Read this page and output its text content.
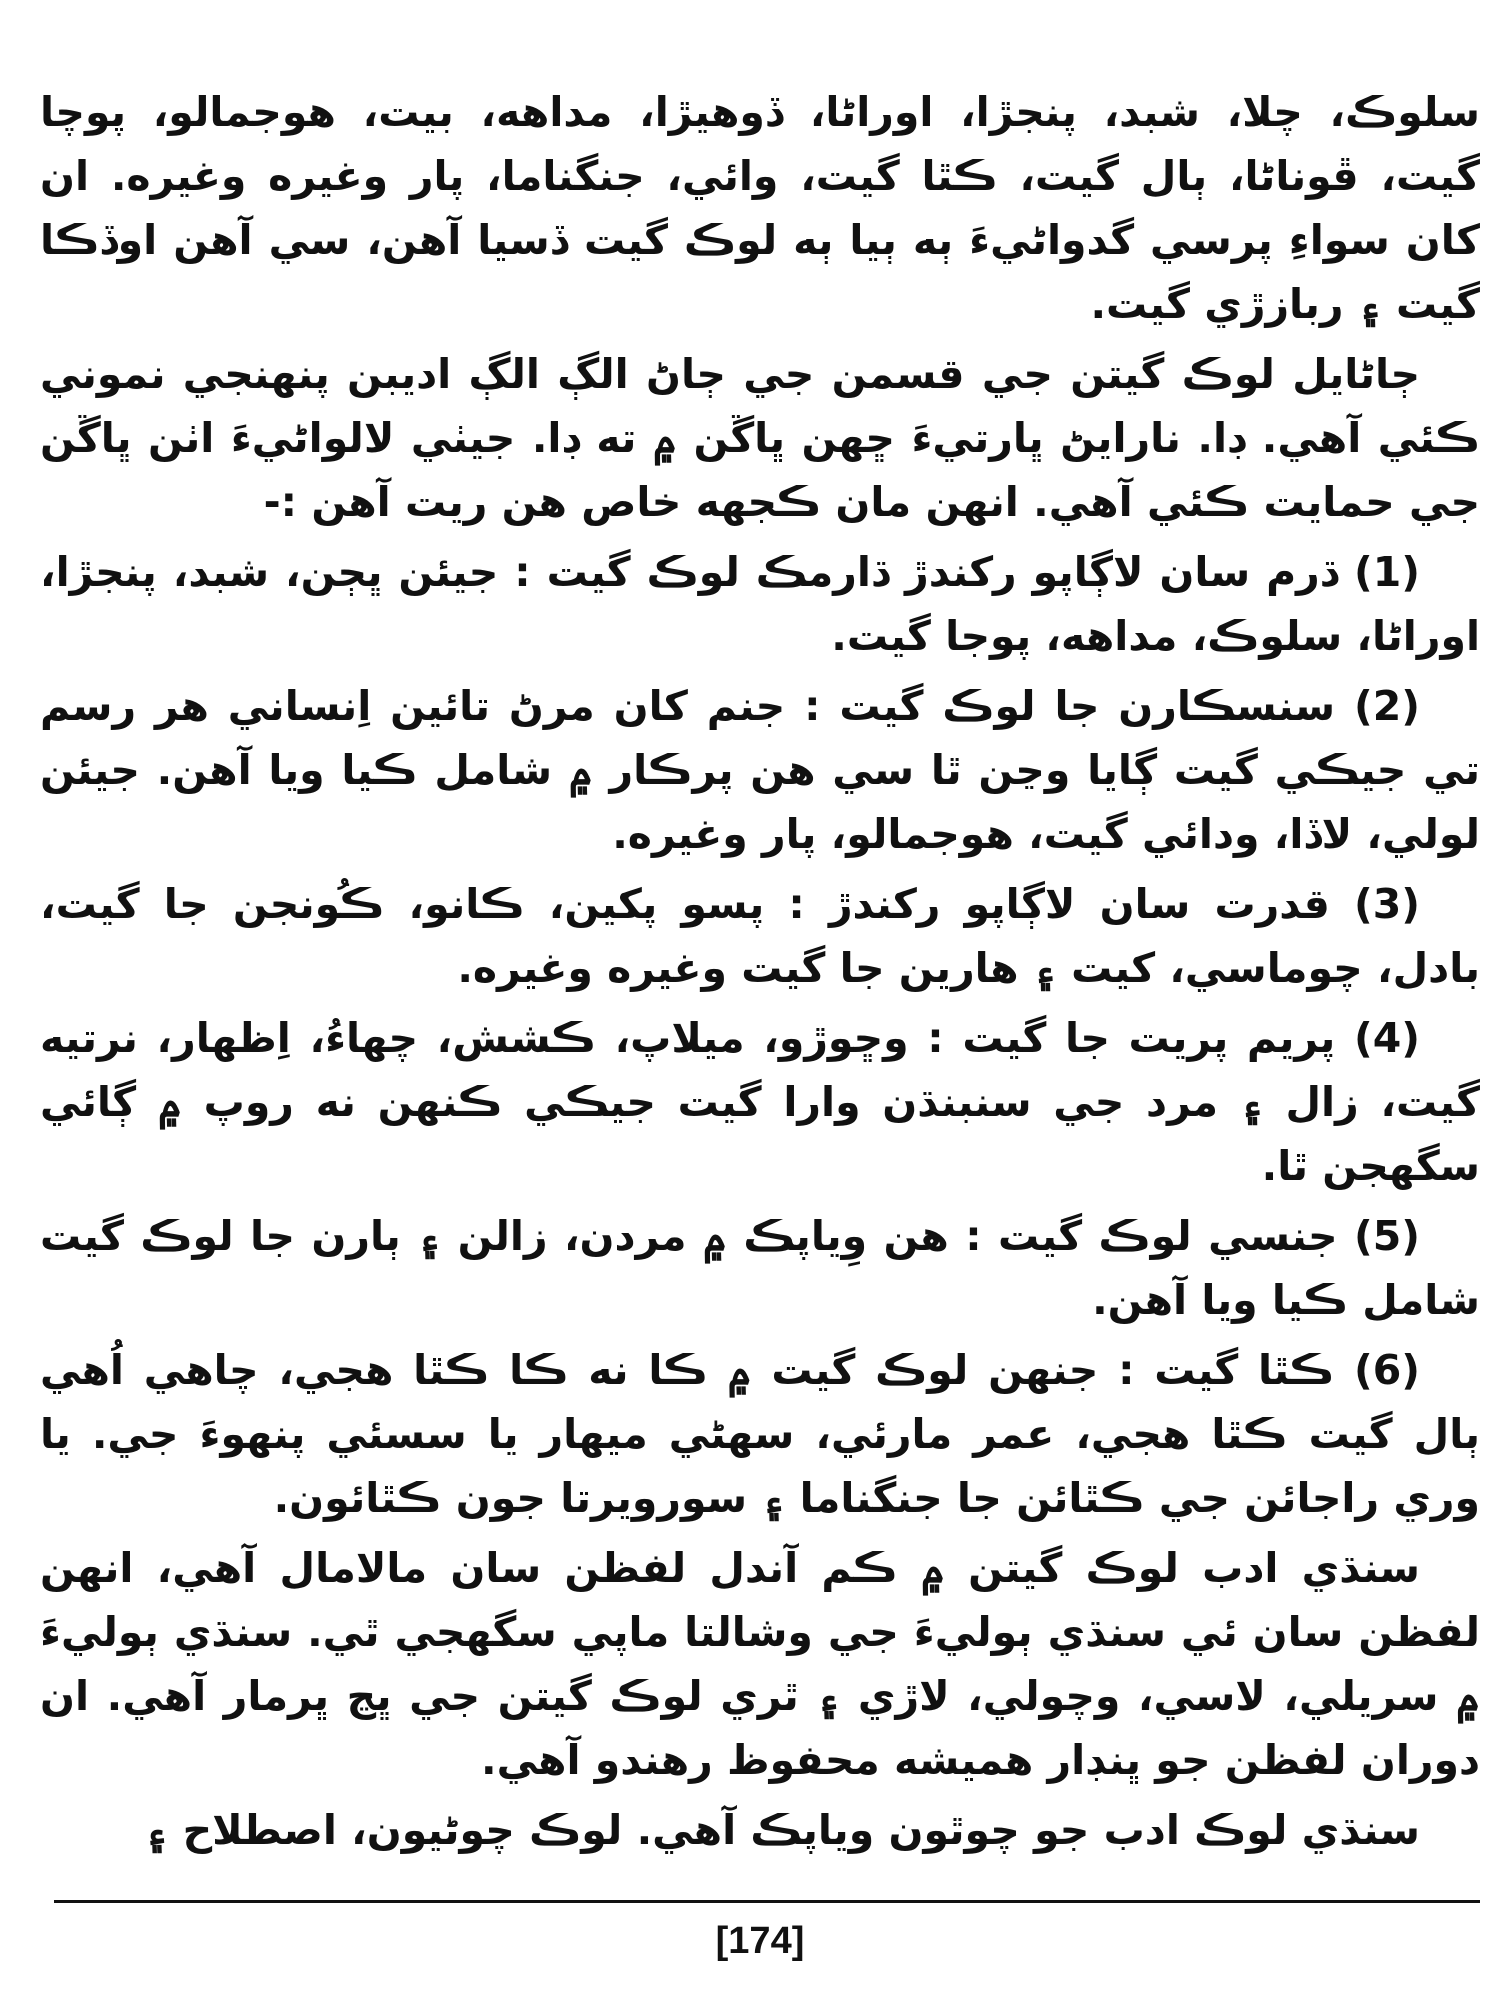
سلوڪ، چلا، شبد، پنجڙا، اوراڻا، ڏوهيڙا، مداهه، بيت، هوجمالو، پوچا گيت، ڦوناڻا، ٻال گيت، ڪٿا گيت، وائي، جنگناما، پار وغيره وغيره. ان کان سواءِ پرسي گدواڻيءَ ٻه ٻيا ٻه لوڪ گيت ڏسيا آهن، سي آهن اوڏڪا گيت ۽ ربازڙي گيت.

ڄاڻايل لوڪ گيتن جي قسمن جي ڄاڻ الڳ الڳ اديبن پنهنجي نموني ڪئي آهي. ڊا. نارايڻ ڀارتيءَ ڇهن ڀاڱن ۾ ته ڊا. جيٺي لالواڻيءَ اٺن ڀاڱن جي حمايت ڪئي آهي. انهن مان ڪجهه خاص هن ريت آهن :-

(1) ڌرم سان لاڳاپو رکندڙ ڌارمڪ لوڪ گيت : جيئن ڀڄن، شبد، پنجڙا، اوراڻا، سلوڪ، مداهه، پوجا گيت.

(2) سنسڪارن جا لوڪ گيت : جنم کان مرڻ تائين اِنساني هر رسم تي جيڪي گيت ڳايا وڃن ٿا سي هن پرڪار ۾ شامل ڪيا ويا آهن. جيئن لولي، لاڏا، ودائي گيت، هوجمالو، پار وغيره.

(3) قدرت سان لاڳاپو رکندڙ : پسو پکين، ڪانو، ڪُونجن جا گيت، بادل، چوماسي، کيت ۽ هارين جا گيت وغيره وغيره.

(4) پريم پريت جا گيت : وڇوڙو، ميلاپ، ڪشش، چهاءُ، اِظهار، نرتيه گيت، زال ۽ مرد جي سنبنڌن وارا گيت جيڪي ڪنهن نه روپ ۾ ڳائي سگهجن ٿا.

(5) جنسي لوڪ گيت : هن وِياپڪ ۾ مردن، زالن ۽ ٻارن جا لوڪ گيت شامل ڪيا ويا آهن.

(6) ڪٿا گيت : جنهن لوڪ گيت ۾ ڪا نه ڪا ڪٿا هجي، چاهي اُهي ٻال گيت ڪٿا هجي، عمر مارئي، سهڻي ميهار يا سسئي پنهوءَ جي. يا وري راجائن جي ڪٿائن جا جنگناما ۽ سورويرتا جون ڪٿائون.

سنڌي ادب لوڪ گيتن ۾ ڪم آندل لفظن سان مالامال آهي، انهن لفظن سان ئي سنڌي ٻوليءَ جي وشالتا ماپي سگهجي ٿي. سنڌي ٻوليءَ ۾ سريلي، لاسي، وچولي، لاڙي ۽ ٿري لوڪ گيتن جي ڀڃ ڀرمار آهي. ان دوران لفظن جو ڀنڊار هميشه محفوظ رهندو آهي.

سنڌي لوڪ ادب جو چوٿون وياپڪ آهي. لوڪ چوڻيون، اصطلاح ۽

[174]
